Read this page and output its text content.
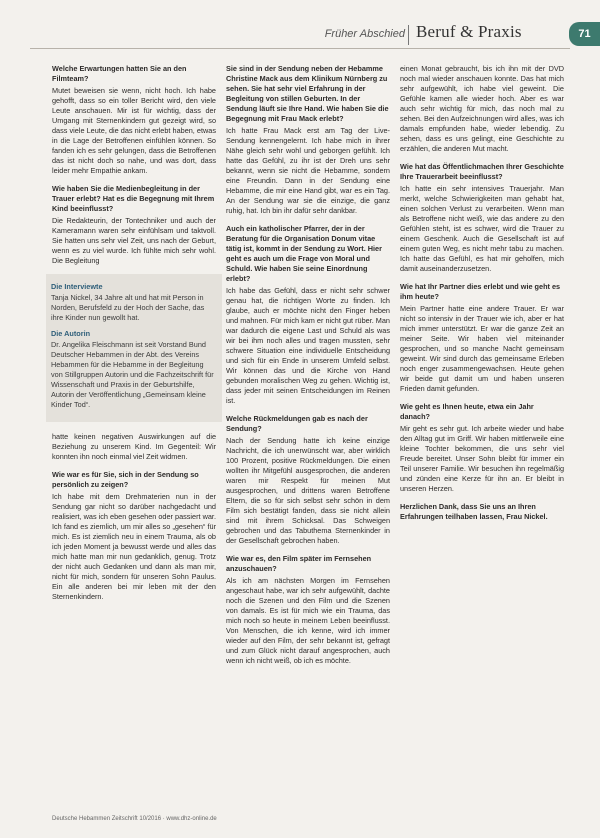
Früher Abschied Beruf & Praxis	71
Welche Erwartungen hatten Sie an den Filmteam?
Mutet beweisen sie wenn, nicht hoch. Ich habe gehofft, dass so ein toller Bericht wird, den viele Leute anschauen. Mir ist für wichtig, dass der Umgang mit Sternenkindern gut gezeigt wird, so dass viele Leute, die das nicht erlebt haben, etwas in die Lage der Betroffenen einfühlen können. So fanden ich es sehr gelungen, dass die Betroffenen das ist nicht doch so nahe, und was dort, dass leider mehr Empathie ankam.
Wie haben Sie die Medienbegleitung in der Trauer erlebt? Hat es die Begegnung mit Ihrem Kind beeinflusst?
Die Redakteurin, der Tontechniker und auch der Kameramann waren sehr einfühlsam und taktvoll. Sie hatten uns sehr viel Zeit, uns nach der Geburt, wenn es zu viel wurde. Ich fühlte mich sehr wohl. Die Begleitung
Die Interviewte
Tanja Nickel, 34 Jahre alt und hat mit Person in Norden, Berufsfeld zu der Hoch der Sache, das ihre Kinder nun gewollt hat.
Die Autorin
Dr. Angelika Fleischmann ist seit Vorstand Bund Deutscher Hebammen in der Abt. des Vereins Hebammen für die Hebamme in der Begleitung von Stillgruppen Autorin und die Fachzeitschrift für Wissenschaft und Praxis in der Geburtshilfe, Autorin der Veröffentlichung „Gemeinsam kleine Kinder Tod“.
hatte keinen negativen Auswirkungen auf die Beziehung zu unserem Kind. Im Gegenteil: Wir konnten ihn noch einmal viel Zeit widmen.
Wie war es für Sie, sich in der Sendung so persönlich zu zeigen?
Ich habe mit dem Drehmaterien nun in der Sendung gar nicht so darüber nachgedacht und realisiert, was ich eben gesehen oder passiert war. Ich fand es ziemlich, um mir alles so „gesehen“ für mich. Es ist ziemlich neu in einem Trauma, als ob ich jeden Moment ja bewusst werde und alles das mich hatte man mir nun gedanklich, genug. Trotz der nicht auch Gedanken und dann als man mir, nicht für mich, sondern für unseren Sohn Paulus. Ein alle anderen bei mir leben mit der den Sternenkindern.
Sie sind in der Sendung neben der Hebamme Christine Mack aus dem Klinikum Nürnberg zu sehen. Sie hat sehr viel Erfahrung in der Begleitung von stillen Geburten. In der Sendung läuft sie Ihre Hand. Wie haben Sie die Begegnung mit Frau Mack erlebt?
Ich hatte Frau Mack erst am Tag der Live-Sendung kennengelernt. Ich habe mich in ihrer Nähe gleich sehr wohl und geborgen gefühlt. Ich hatte das Gefühl, zu ihr ist der Dreh uns sehr bekannt, wenn sie nicht die Hebamme, sondern eine Freundin. Dann in der Sendung eine Hebamme, die mir eine Hand gibt, war es ein Tag. An der Sendung war sie die einzige, die ganz ruhig, hat. Ich bin ihr dafür sehr dankbar.
Auch ein katholischer Pfarrer, der in der Beratung für die Organisation Donum vitae tätig ist, kommt in der Sendung zu Wort. Hier geht es auch um die Frage von Moral und Schuld. Wie haben Sie seine Einordnung erlebt?
Ich habe das Gefühl, dass er nicht sehr schwer genau hat, die richtigen Worte zu finden. Ich glaube, auch er möchte nicht den Finger heben und mahnen. Für mich kam er nicht gut rüber. Man war dadurch die eigene Last und Schuld als was wir bei ihm noch alles und tragen mussten, sehr schwere Situation eine individuelle Entscheidung und sich für ein Ende in unserem Umfeld selbst. Wir können das und die Kirche von Hand gebunden moralischen Weg zu gehen. Wichtig ist, dass jeder mit seinen Entscheidungen im Reinen ist.
Welche Rückmeldungen gab es nach der Sendung?
Nach der Sendung hatte ich keine einzige Nachricht, die ich unerwünscht war, aber wirklich 100 Prozent, positive Rückmeldungen. Die einen wollten ihr Mitgefühl ausgesprochen, die anderen waren mir Respekt für meinen Mut ausgesprochen, und drittens waren Betroffene Eltern, die so für sich selbst sehr schön in dem Film sich bestätigt fanden, dass sie nicht allein sind mit ihrem Schicksal. Das Schweigen gebrochen und das Tabuthema Sternenkinder in der Gesellschaft gebrochen haben.
Wie war es, den Film später im Fernsehen anzuschauen?
Als ich am nächsten Morgen im Fernsehen angeschaut habe, war ich sehr aufgewühlt, dachte noch die Szenen und den Film und die Szenen von damals. Es ist für mich wie ein Trauma, das mich noch so heute in meinem Leben beeinflusst. Von Menschen, die ich kenne, wird ich immer wieder auf den Film, der sehr bekannt ist, gefragt und zum Glück nicht darauf angesprochen, auch wenn ich nicht weiß, ob ich es möchte.
einen Monat gebraucht, bis ich ihn mit der DVD noch mal wieder anschauen konnte. Das hat mich sehr aufgewühlt, ich habe viel geweint. Die Gefühle kamen alle wieder hoch. Aber es war auch sehr wichtig für mich, das noch mal zu sehen. Bei den Aufzeichnungen wird alles, was ich damals empfunden habe, wieder lebendig. Zu sehen, dass es uns gelingt, eine Geschichte zu erzählen, die anderen Mut macht.
Wie hat das Öffentlichmachen Ihrer Geschichte Ihre Trauerarbeit beeinflusst?
Ich hatte ein sehr intensives Trauerjahr. Man merkt, welche Schwierigkeiten man gehabt hat, einen solchen Verlust zu verarbeiten. Wenn man als Betroffene nicht weiß, wie das andere zu den Gefühlen steht, ist es schwer, wird die Trauer zu einem Geschenk. Auch die Gesellschaft ist auf einem guten Weg, es nicht mehr tabu zu machen. Ich hatte das Gefühl, es hat mir geholfen, mich damit auseinanderzusetzen.
Wie hat Ihr Partner dies erlebt und wie geht es ihm heute?
Mein Partner hatte eine andere Trauer. Er war nicht so intensiv in der Trauer wie ich, aber er hat mich immer unterstützt. Er war die ganze Zeit an meiner Seite. Wir haben viel miteinander gesprochen, und so manche Nacht gemeinsam geweint. Wir sind durch das gemeinsame Erleben noch enger zusammengewachsen. Heute gehen wir beide gut damit um und haben unseren Frieden damit gefunden.
Wie geht es Ihnen heute, etwa ein Jahr danach?
Mir geht es sehr gut. Ich arbeite wieder und habe den Alltag gut im Griff. Wir haben mittlerweile eine kleine Tochter bekommen, die uns sehr viel Freude bereitet. Unser Sohn bleibt für immer ein Teil unserer Familie. Wir besuchen ihn regelmäßig und zünden eine Kerze für ihn an. Er bleibt in unseren Herzen.
Herzlichen Dank, dass Sie uns an Ihren Erfahrungen teilhaben lassen, Frau Nickel.
Deutsche Hebammen Zeitschrift 10/2016 · www.dhz-online.de
